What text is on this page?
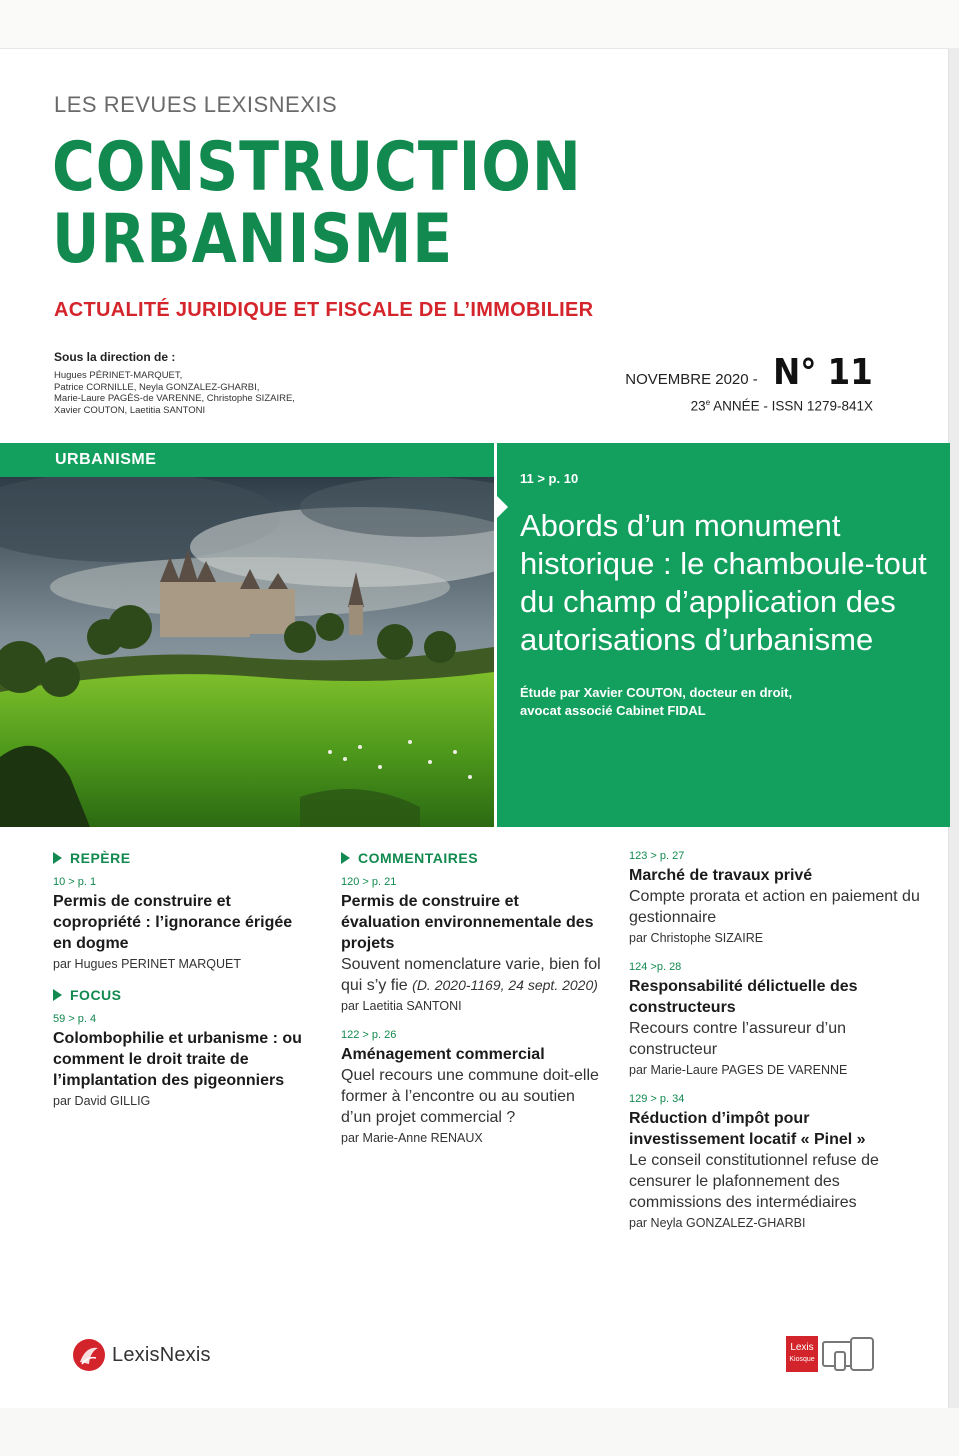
LES REVUES LEXISNEXIS
CONSTRUCTION
URBANISME
ACTUALITÉ JURIDIQUE ET FISCALE DE L’IMMOBILIER
Sous la direction de :
Hugues PÉRINET-MARQUET,
Patrice CORNILLE, Neyla GONZALEZ-GHARBI,
Marie-Laure PAGÈS-de VARENNE, Christophe SIZAIRE,
Xavier COUTON, Laetitia SANTONI
NOVEMBRE 2020 - N° 11
23e ANNÉE - ISSN 1279-841X
URBANISME
11 > p. 10
Abords d’un monument historique : le chamboule-tout du champ d’application des autorisations d’urbanisme
Étude par Xavier COUTON, docteur en droit,
avocat associé Cabinet FIDAL
REPÈRE
10 > p. 1
Permis de construire et copropriété : l’ignorance érigée en dogme
par Hugues PERINET MARQUET
FOCUS
59 > p. 4
Colombophilie et urbanisme : ou comment le droit traite de l’implantation des pigeonniers
par David GILLIG
COMMENTAIRES
120 > p. 21
Permis de construire et évaluation environnementale des projets
Souvent nomenclature varie, bien fol qui s’y fie (D. 2020-1169, 24 sept. 2020)
par Laetitia SANTONI
122 > p. 26
Aménagement commercial
Quel recours une commune doit-elle former à l’encontre ou au soutien d’un projet commercial ?
par Marie-Anne RENAUX
123 > p. 27
Marché de travaux privé
Compte prorata et action en paiement du gestionnaire
par Christophe SIZAIRE
124 >p. 28
Responsabilité délictuelle des constructeurs
Recours contre l’assureur d’un constructeur
par Marie-Laure PAGES DE VARENNE
129 > p. 34
Réduction d’impôt pour investissement locatif « Pinel »
Le conseil constitutionnel refuse de censurer le plafonnement des commissions des intermédiaires
par Neyla GONZALEZ-GHARBI
LexisNexis	Lexis
Kiosque
